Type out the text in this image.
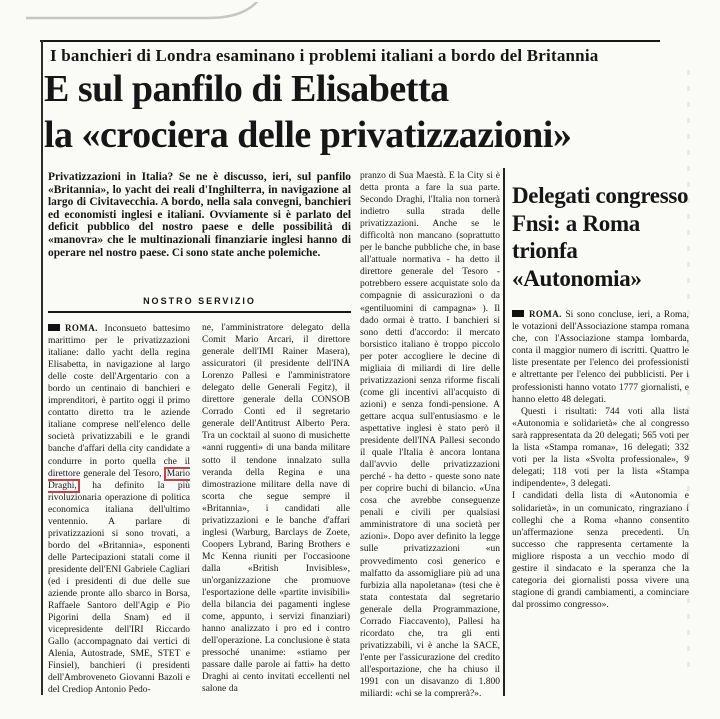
I banchieri di Londra esaminano i problemi italiani a bordo del Britannia
E sul panfilo di Elisabetta
la «crociera delle privatizzazioni»
Privatizzazioni in Italia? Se ne è discusso, ieri, sul panfilo «Britannia», lo yacht dei reali d'Inghilterra, in navigazione al largo di Civitavecchia. A bordo, nella sala convegni, banchieri ed economisti inglesi e italiani. Ovviamente si è parlato del deficit pubblico del nostro paese e delle possibilità di «manovra» che le multinazionali finanziarie inglesi hanno di operare nel nostro paese. Ci sono state anche polemiche.
NOSTRO SERVIZIO
ROMA. Inconsueto battesimo marittimo per le privatizzazioni italiane: dallo yacht della regina Elisabetta, in navigazione al largo delle coste dell'Argentario con a bordo un centinaio di banchieri e imprenditori, è partito oggi il primo contatto diretto tra le aziende italiane comprese nell'elenco delle società privatizzabili e le grandi banche d'affari della city candidate a condurre in porto quella che il direttore generale del Tesoro, Mario Draghi, ha definito la più rivoluzionaria operazione di politica economica italiana dell'ultimo ventennio. A parlare di privatizzazioni si sono trovati, a bordo del «Britannia», esponenti delle Partecipazioni statali come il presidente dell'ENI Gabriele Cagliari (ed i presidenti di due delle sue aziende pronte allo sbarco in Borsa, Raffaele Santoro dell'Agip e Pio Pigorini della Snam) ed il vicepresidente dell'IRI Riccardo Gallo (accompagnato dai vertici di Alenia, Autostrade, SME, STET e Finsiel), banchieri (i presidenti dell'Ambroveneto Giovanni Bazoli e del Crediop Antonio Pedo-
ne, l'amministratore delegato della Comit Mario Arcari, il direttore generale dell'IMI Rainer Masera), assicuratori (il presidente dell'INA Lorenzo Pallesi e l'amministratore delegato delle Generali Fegitz), il direttore generale della CONSOB Corrado Conti ed il segretario generale dell'Antitrust Alberto Pera. Tra un cocktail al suono di musichette «anni ruggenti» di una banda militare sotto il tendone innalzato sulla veranda della Regina e una dimostrazione militare della nave di scorta che segue sempre il «Britannia», i candidati alle privatizzazioni e le banche d'affari inglesi (Warburg, Barclays de Zoete, Coopers Lybrand, Baring Brothers e Mc Kenna riuniti per l'occasioone dalla «British Invisibles», un'organizzazione che promuove l'esportazione delle «partite invisibili» della bilancia dei pagamenti inglese come, appunto, i servizi finanziari) hanno analizzato i pro ed i contro dell'operazione. La conclusione è stata pressoché unanime: «stiamo per passare dalle parole ai fatti» ha detto Draghi ai cento invitati eccellenti nel salone da
pranzo di Sua Maestà. E la City si è detta pronta a fare la sua parte. Secondo Draghi, l'Italia non tornerà indietro sulla strada delle privatizzazioni. Anche se le difficoltà non mancano (soprattutto per le banche pubbliche che, in base all'attuale normativa - ha detto il direttore generale del Tesoro - potrebbero essere acquistate solo da compagnie di assicurazioni o da «gentiluomini di campagna» ). Il dado ormai è tratto. I banchieri si sono detti d'accordo: il mercato borsistico italiano è troppo piccolo per poter accogliere le decine di migliaia di miliardi di lire delle privatizzazioni senza riforme fiscali (come gli incentivi all'acquisto di azioni) e senza fondi-pensione. A gettare acqua sull'entusiasmo e le aspettative inglesi è stato però il presidente dell'INA Pallesi secondo il quale l'Italia è ancora lontana dall'avvio delle privatizzazioni perché - ha detto - queste sono nate per coprire buchi di bilancio. «Una cosa che avrebbe conseguenze penali e civili per qualsiasi amministratore di una società per azioni». Dopo aver definito la legge sulle privatizzazioni «un provvedimento così generico e malfatto da assomigliare più ad una furbizia alla napoletana» (tesi che è stata contestata dal segretario generale della Programmazione, Corrado Fiaccavento), Pallesi ha ricordato che, tra gli enti privatizzabili, vi è anche la SACE, l'ente per l'assicurazione del credito all'esportazione, che ha chiuso il 1991 con un disavanzo di 1.800 miliardi: «chi se la comprerà?».
Delegati congresso Fnsi: a Roma trionfa «Autonomia»

ROMA. Si sono concluse, ieri, a Roma, le votazioni dell'Associazione stampa romana che, con l'Associazione stampa lombarda, conta il maggior numero di iscritti. Quattro le liste presentate per l'elenco dei professionisti e altrettante per l'elenco dei pubblicisti. Per i professionisti hanno votato 1777 giornalisti, e hanno eletto 48 delegati.

Questi i risultati: 744 voti alla lista «Autonomia e solidarietà» che al congresso sarà rappresentata da 20 delegati; 565 voti per la lista «Stampa romana», 16 delegati; 332 voti per la lista «Svolta professionale», 9 delegati; 118 voti per la lista «Stampa indipendente», 3 delegati.

I candidati della lista di «Autonomia e solidarietà», in un comunicato, ringraziano i colleghi che a Roma «hanno consentito un'affermazione senza precedenti. Un successo che rappresenta certamente la migliore risposta a un vecchio modo di gestire il sindacato e la speranza che la categoria dei giornalisti possa vivere una stagione di grandi cambiamenti, a cominciare dal prossimo congresso».
